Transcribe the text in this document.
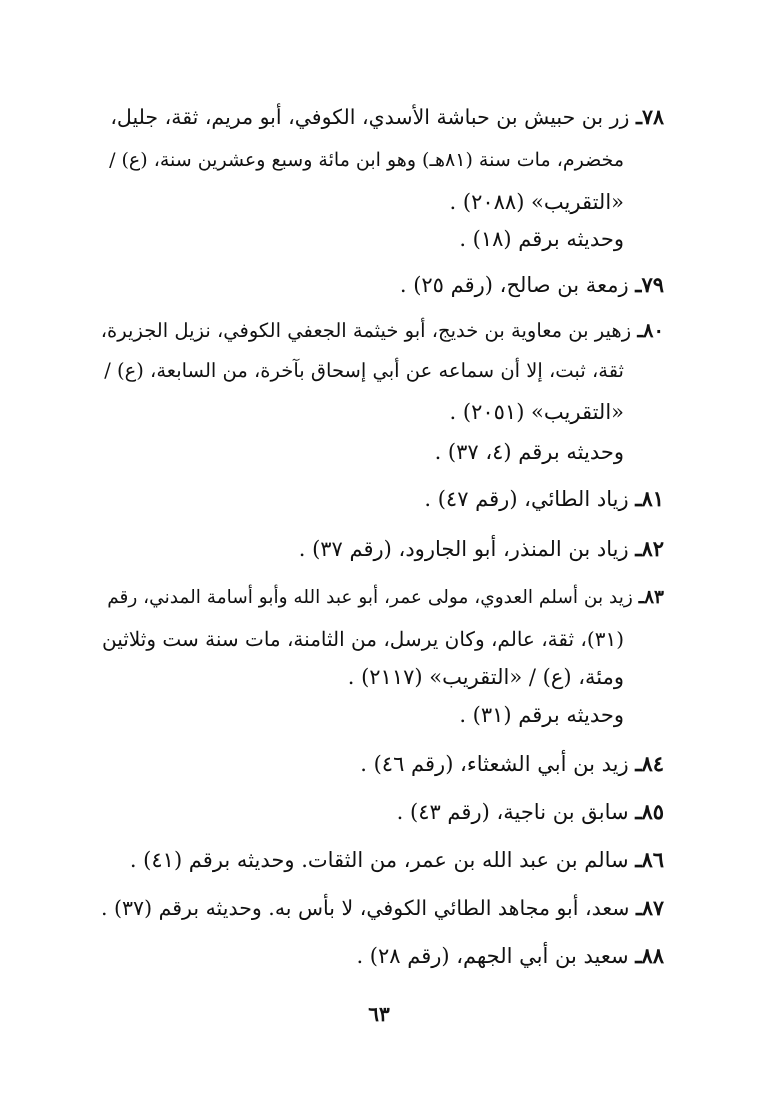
٧٨ـ زر بن حبيش بن حباشة الأسدي، الكوفي، أبو مريم، ثقة، جليل،
مخضرم، مات سنة (٨١هـ) وهو ابن مائة وسبع وعشرين سنة، (ع) /
«التقريب» (٢٠٨٨) .
وحديثه برقم (١٨) .
٧٩ـ زمعة بن صالح، (رقم ٢٥) .
٨٠ـ زهير بن معاوية بن خديج، أبو خيثمة الجعفي الكوفي، نزيل الجزيرة،
ثقة، ثبت، إلا أن سماعه عن أبي إسحاق بآخرة، من السابعة، (ع) /
«التقريب» (٢٠٥١) .
وحديثه برقم (٤، ٣٧) .
٨١ـ زياد الطائي، (رقم ٤٧) .
٨٢ـ زياد بن المنذر، أبو الجارود، (رقم ٣٧) .
٨٣ـ زيد بن أسلم العدوي، مولى عمر، أبو عبد الله وأبو أسامة المدني، رقم
(٣١)، ثقة، عالم، وكان يرسل، من الثامنة، مات سنة ست وثلاثين
ومئة، (ع) / «التقريب» (٢١١٧) .
وحديثه برقم (٣١) .
٨٤ـ زيد بن أبي الشعثاء، (رقم ٤٦) .
٨٥ـ سابق بن ناجية، (رقم ٤٣) .
٨٦ـ سالم بن عبد الله بن عمر، من الثقات. وحديثه برقم (٤١) .
٨٧ـ سعد، أبو مجاهد الطائي الكوفي، لا بأس به. وحديثه برقم (٣٧) .
٨٨ـ سعيد بن أبي الجهم، (رقم ٢٨) .
٦٣
